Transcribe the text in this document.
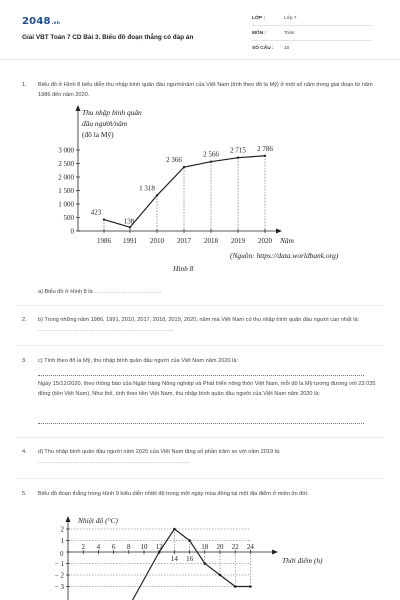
2048.vn
Giải VBT Toán 7 CD Bài 3. Biểu đồ đoạn thẳng có đáp án
LỚP :	Lớp 7
MÔN :	Toán
SỐ CÂU : 10
1. Biểu đồ ở Hình 8 biểu diễn thu nhập bình quân đầu người/năm của Việt Nam (tính theo đô la Mỹ) ở một số năm trong giai đoạn từ năm 1986 đến năm 2020.
0
500
1 000
1 500
2 000
2 500
3 000
1986 1991 2010 2017 2018 2019 2020
423
138
1 318
2 366
2 566
2 715 2 786
Thu nhập bình quân
đầu người/năm
(đô la Mỹ)
Năm
(Nguồn: https://data.worldbank.org)
Hình 8
a) Biểu đồ ở Hình 8 là .................................
2. b) Trong những năm 1986, 1991, 2010, 2017, 2018, 2019, 2020, năm mà Việt Nam có thu nhập bình quân đầu người cao nhất là: ..................................................................
3. c) Tính theo đô la Mỹ, thu nhập bình quân đầu người của Việt Nam năm 2020 là:
Ngày 15/12/2020, theo thông báo của Ngân hàng Nông nghiệp và Phát triển nông thôn Việt Nam, mỗi đô la Mỹ tương đương với 23 035 đồng (tiền Việt Nam). Như thế, tính theo tiền Việt Nam, thu nhập bình quân đầu người của Việt Nam năm 2020 là:
4. d) Thu nhập bình quân đầu người năm 2020 của Việt Nam tăng số phần trăm so với năm 2019 là: ..........................................................................
5. Biểu đồ đoạn thẳng trong Hình 9 biểu diễn nhiệt độ trong một ngày mùa đông tại một địa điểm ở miền ôn đới.
2
1
− 1
− 2
− 3
2 4 6 8 10 12
14 16
18 20 22 24
Nhiệt độ (°C)
Thời điểm (h)
0
